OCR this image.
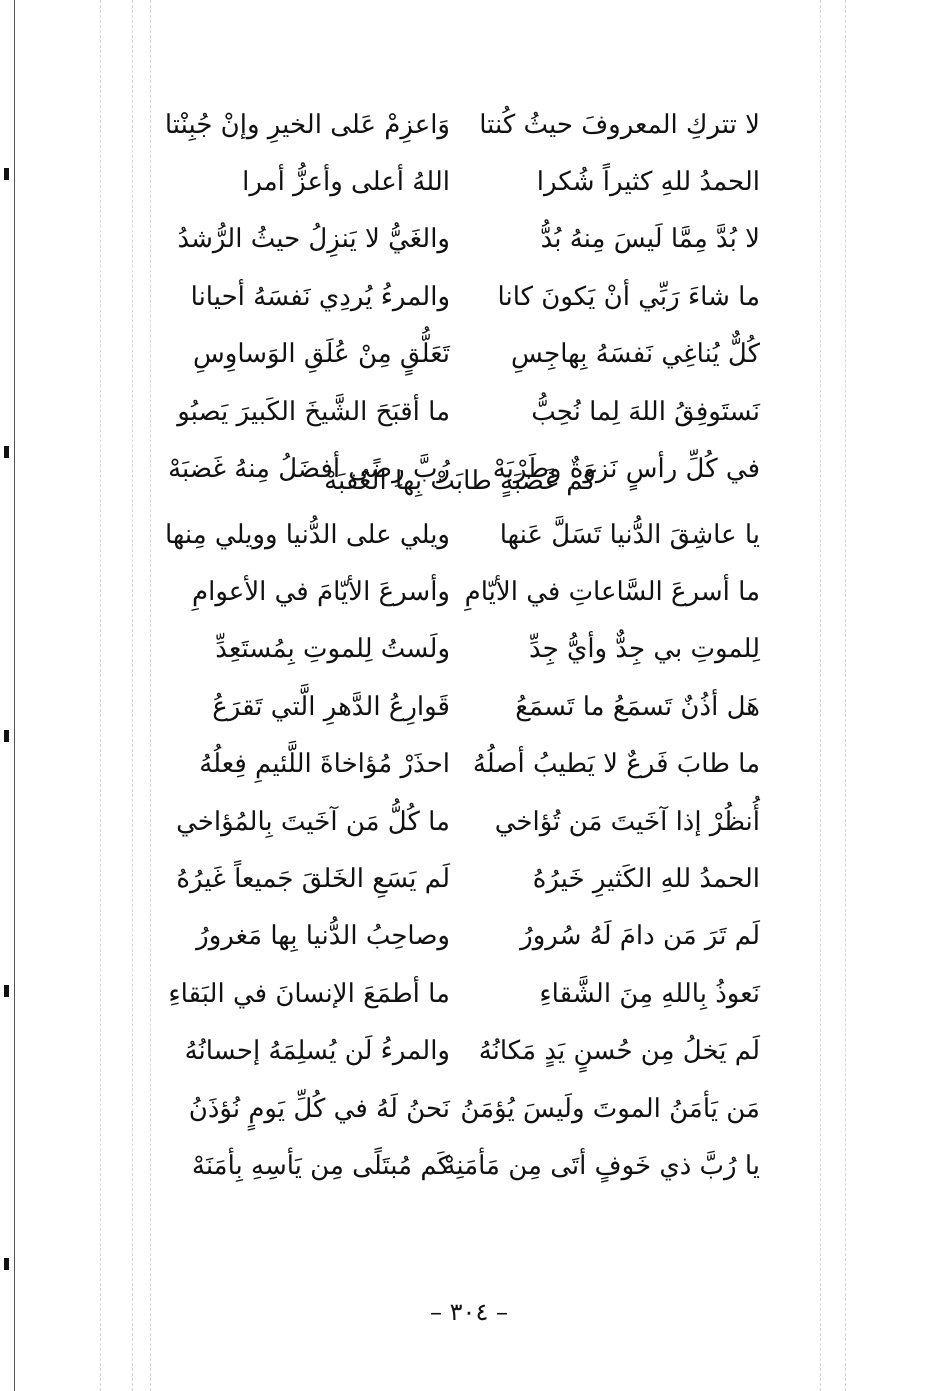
لا تتركِ المعروفَ حيثُ كُنتا
وَاعزِمْ عَلى الخيرِ وإنْ جُبِنْتا
الحمدُ للهِ كثيراً شُكرا
اللهُ أعلى وأعزُّ أمرا
لا بُدَّ مِمَّا لَيسَ مِنهُ بُدُّ
والغَيُّ لا يَنزِلُ حيثُ الرُّشدُ
ما شاءَ رَبِّي أنْ يَكونَ كانا
والمرءُ يُردِي نَفسَهُ أحيانا
كُلٌّ يُناغِي نَفسَهُ بِهاجِسِ
تَعَلُّقٍ مِنْ عُلَقِ الوَساوِسِ
نَستَوفِقُ اللهَ لِما نُحِبُّ
ما أقبَحَ الشَّيخَ الكَبيرَ يَصبُو
في كُلِّ رأسٍ نَزوَةٌ وطَرْبَهْ
رُبَّ رِضًى أفضَلُ مِنهُ غَضبَهْ
كم غَضبَةٍ طابَتْ بِها العُقبَهْ
يا عاشِقَ الدُّنيا تَسَلَّ عَنها
ويلي على الدُّنيا وويلي مِنها
ما أسرعَ السَّاعاتِ في الأيّامِ
وأسرعَ الأيّامَ في الأعوامِ
لِلموتِ بي جِدٌّ وأيُّ جِدِّ
ولَستُ لِلموتِ بِمُستَعِدِّ
هَل أذُنٌ تَسمَعُ ما تَسمَعُ
قَوارِعُ الدَّهرِ الَّتي تَقرَعُ
ما طابَ فَرعٌ لا يَطيبُ أصلُهُ
احذَرْ مُؤاخاةَ اللَّئيمِ فِعلُهُ
أُنظُرْ إذا آخَيتَ مَن تُؤاخي
ما كُلُّ مَن آخَيتَ بِالمُؤاخي
الحمدُ للهِ الكَثيرِ خَيرُهُ
لَم يَسَعِ الخَلقَ جَميعاً غَيرُهُ
لَم تَرَ مَن دامَ لَهُ سُرورُ
وصاحِبُ الدُّنيا بِها مَغرورُ
نَعوذُ بِاللهِ مِنَ الشَّقاءِ
ما أطمَعَ الإنسانَ في البَقاءِ
لَم يَخلُ مِن حُسنٍ يَدٍ مَكانُهُ
والمرءُ لَن يُسلِمَهُ إحسانُهُ
مَن يَأمَنُ الموتَ ولَيسَ يُؤمَنُ
نَحنُ لَهُ في كُلِّ يَومٍ نُؤذَنُ
يا رُبَّ ذي خَوفٍ أتَى مِن مَأمَنِهْ
كَم مُبتَلًى مِن يَأسِهِ بِأمَنَهْ
– ٣٠٤ –
